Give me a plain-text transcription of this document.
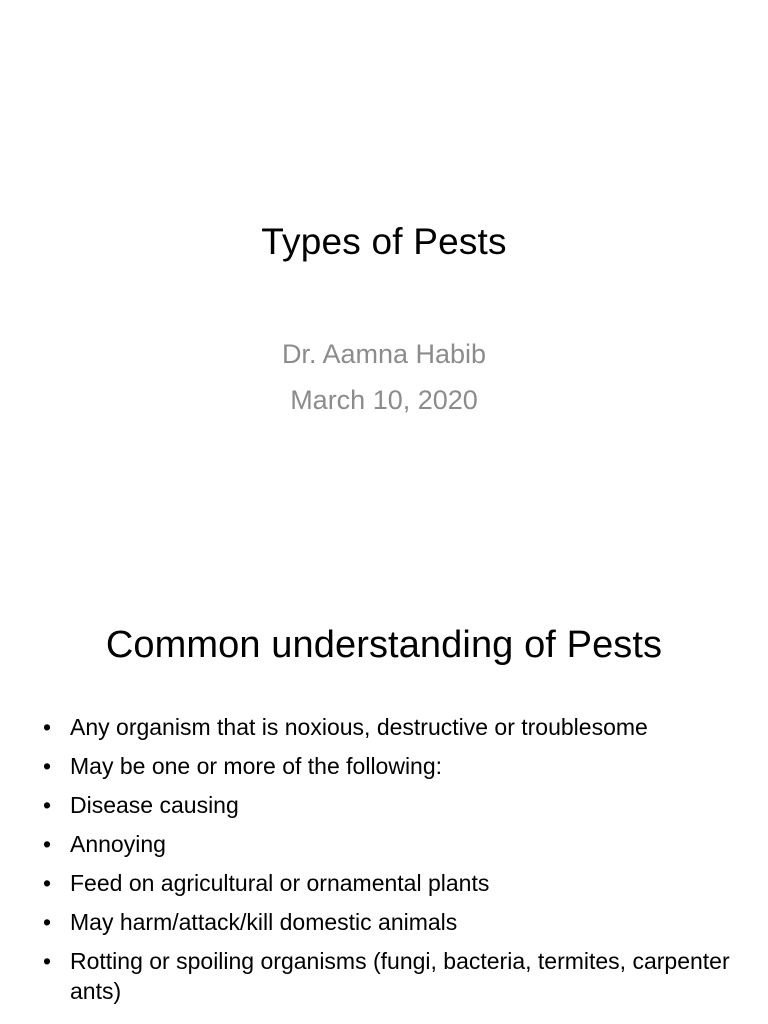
Types of Pests
Dr. Aamna Habib
March 10, 2020
Common understanding of Pests
• Any organism that is noxious, destructive or troublesome
• May be one or more of the following:
• Disease causing
• Annoying
• Feed on agricultural or ornamental plants
• May harm/attack/kill domestic animals
• Rotting or spoiling organisms (fungi, bacteria, termites, carpenter ants)
